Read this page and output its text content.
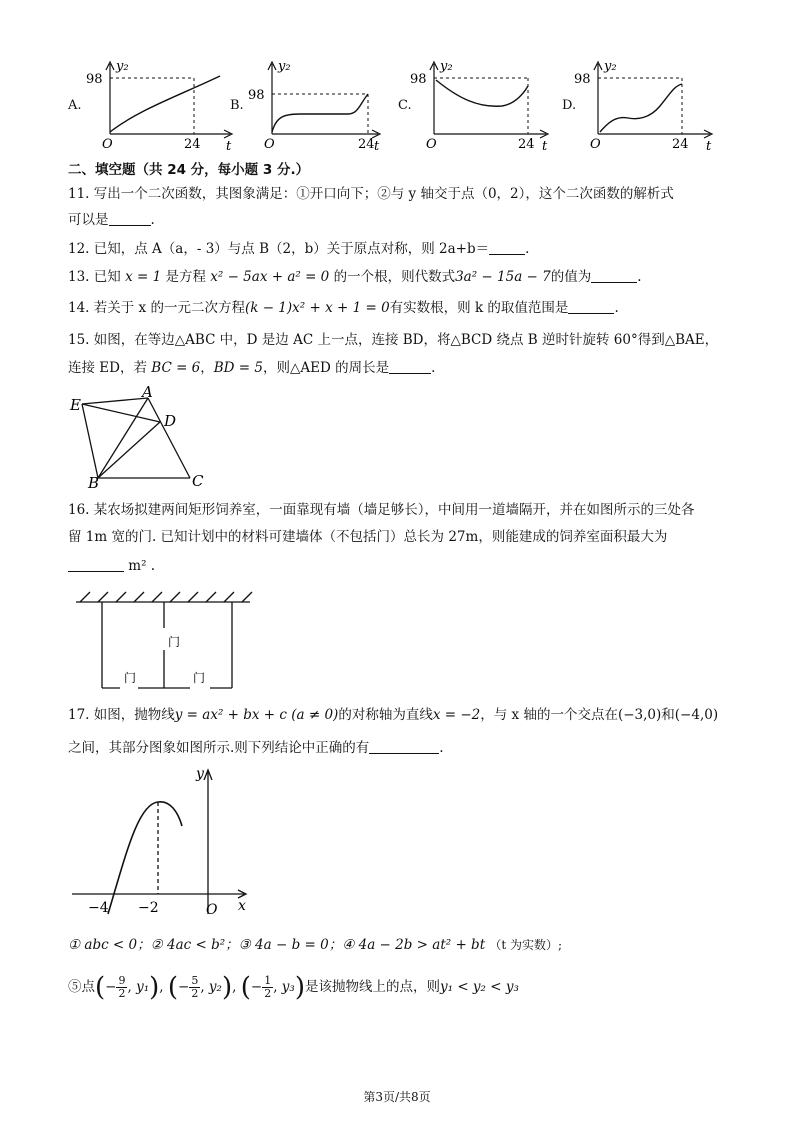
A.
y₂
98
O	24 t
B.
y₂
98
O	24 t
C.
y₂
98
O	24 t
D.
y₂
98
O	24 t
二、填空题（共 24 分，每小题 3 分.）
11. 写出一个二次函数，其图象满足：①开口向下；②与 y 轴交于点（0，2），这个二次函数的解析式
可以是	.
12. 已知，点 A（a，- 3）与点 B（2，b）关于原点对称，则 2a+b＝	.
13. 已知 x = 1 是方程 x² − 5ax + a² = 0 的一个根，则代数式3a² − 15a − 7的值为	.
14. 若关于 x 的一元二次方程(k − 1)x² + x + 1 = 0有实数根，则 k 的取值范围是	.
15. 如图，在等边△ABC 中，D 是边 AC 上一点，连接 BD，将△BCD 绕点 B 逆时针旋转 60°得到△BAE，
连接 ED，若 BC = 6，BD = 5，则△AED 的周长是	.
E
A
D
B	C
16. 某农场拟建两间矩形饲养室，一面靠现有墙（墙足够长），中间用一道墙隔开，并在如图所示的三处各
留 1m 宽的门. 已知计划中的材料可建墙体（不包括门）总长为 27m，则能建成的饲养室面积最大为
m² .
门
门	门
17. 如图，抛物线y = ax² + bx + c (a ≠ 0)的对称轴为直线x = −2，与 x 轴的一个交点在(−3,0)和(−4,0)
之间，其部分图象如图所示.则下列结论中正确的有	.
y
x
O
−4 −2
① abc < 0；② 4ac < b²；③ 4a − b = 0；④ 4a − 2b > at² + bt （t 为实数）;
⑤点(− $\frac{9}{2}$ , y₁), (− $\frac{5}{2}$ , y₂), (− $\frac{1}{2}$ , y₃)是该抛物线上的点，则y₁ < y₂ < y₃
第3页/共8页
